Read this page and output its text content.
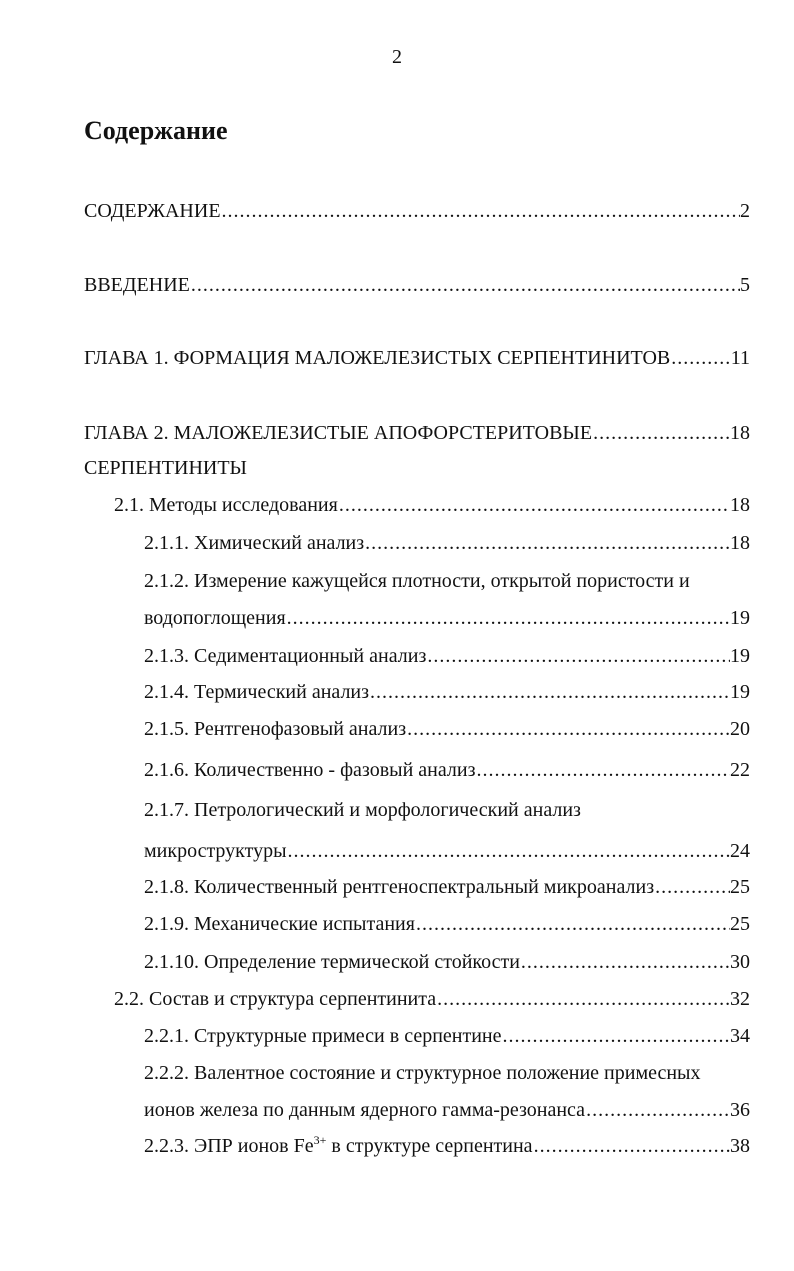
2
Содержание
СОДЕРЖАНИЕ .....	2
ВВЕДЕНИЕ .....	5
ГЛАВА 1. ФОРМАЦИЯ МАЛОЖЕЛЕЗИСТЫХ СЕРПЕНТИНИТОВ .....	11
ГЛАВА 2. МАЛОЖЕЛЕЗИСТЫЕ АПОФОРСТЕРИТОВЫЕ .....	18
СЕРПЕНТИНИТЫ
2.1. Методы исследования .....	18
2.1.1. Химический анализ .....	18
2.1.2. Измерение кажущейся плотности, открытой пористости и
водопоглощения .....	19
2.1.3. Седиментационный анализ .....	19
2.1.4. Термический анализ .....	19
2.1.5. Рентгенофазовый анализ .....	20
2.1.6. Количественно - фазовый анализ .....	22
2.1.7. Петрологический и морфологический анализ
микроструктуры .....	24
2.1.8. Количественный рентгеноспектральный микроанализ .....	25
2.1.9. Механические испытания .....	25
2.1.10. Определение термической стойкости .....	30
2.2. Состав и структура серпентинита .....	32
2.2.1. Структурные примеси в серпентине .....	34
2.2.2. Валентное состояние и структурное положение примесных
ионов железа по данным ядерного гамма-резонанса .....	36
2.2.3. ЭПР ионов $Fe^{3+}$ в структуре серпентина .....	38
